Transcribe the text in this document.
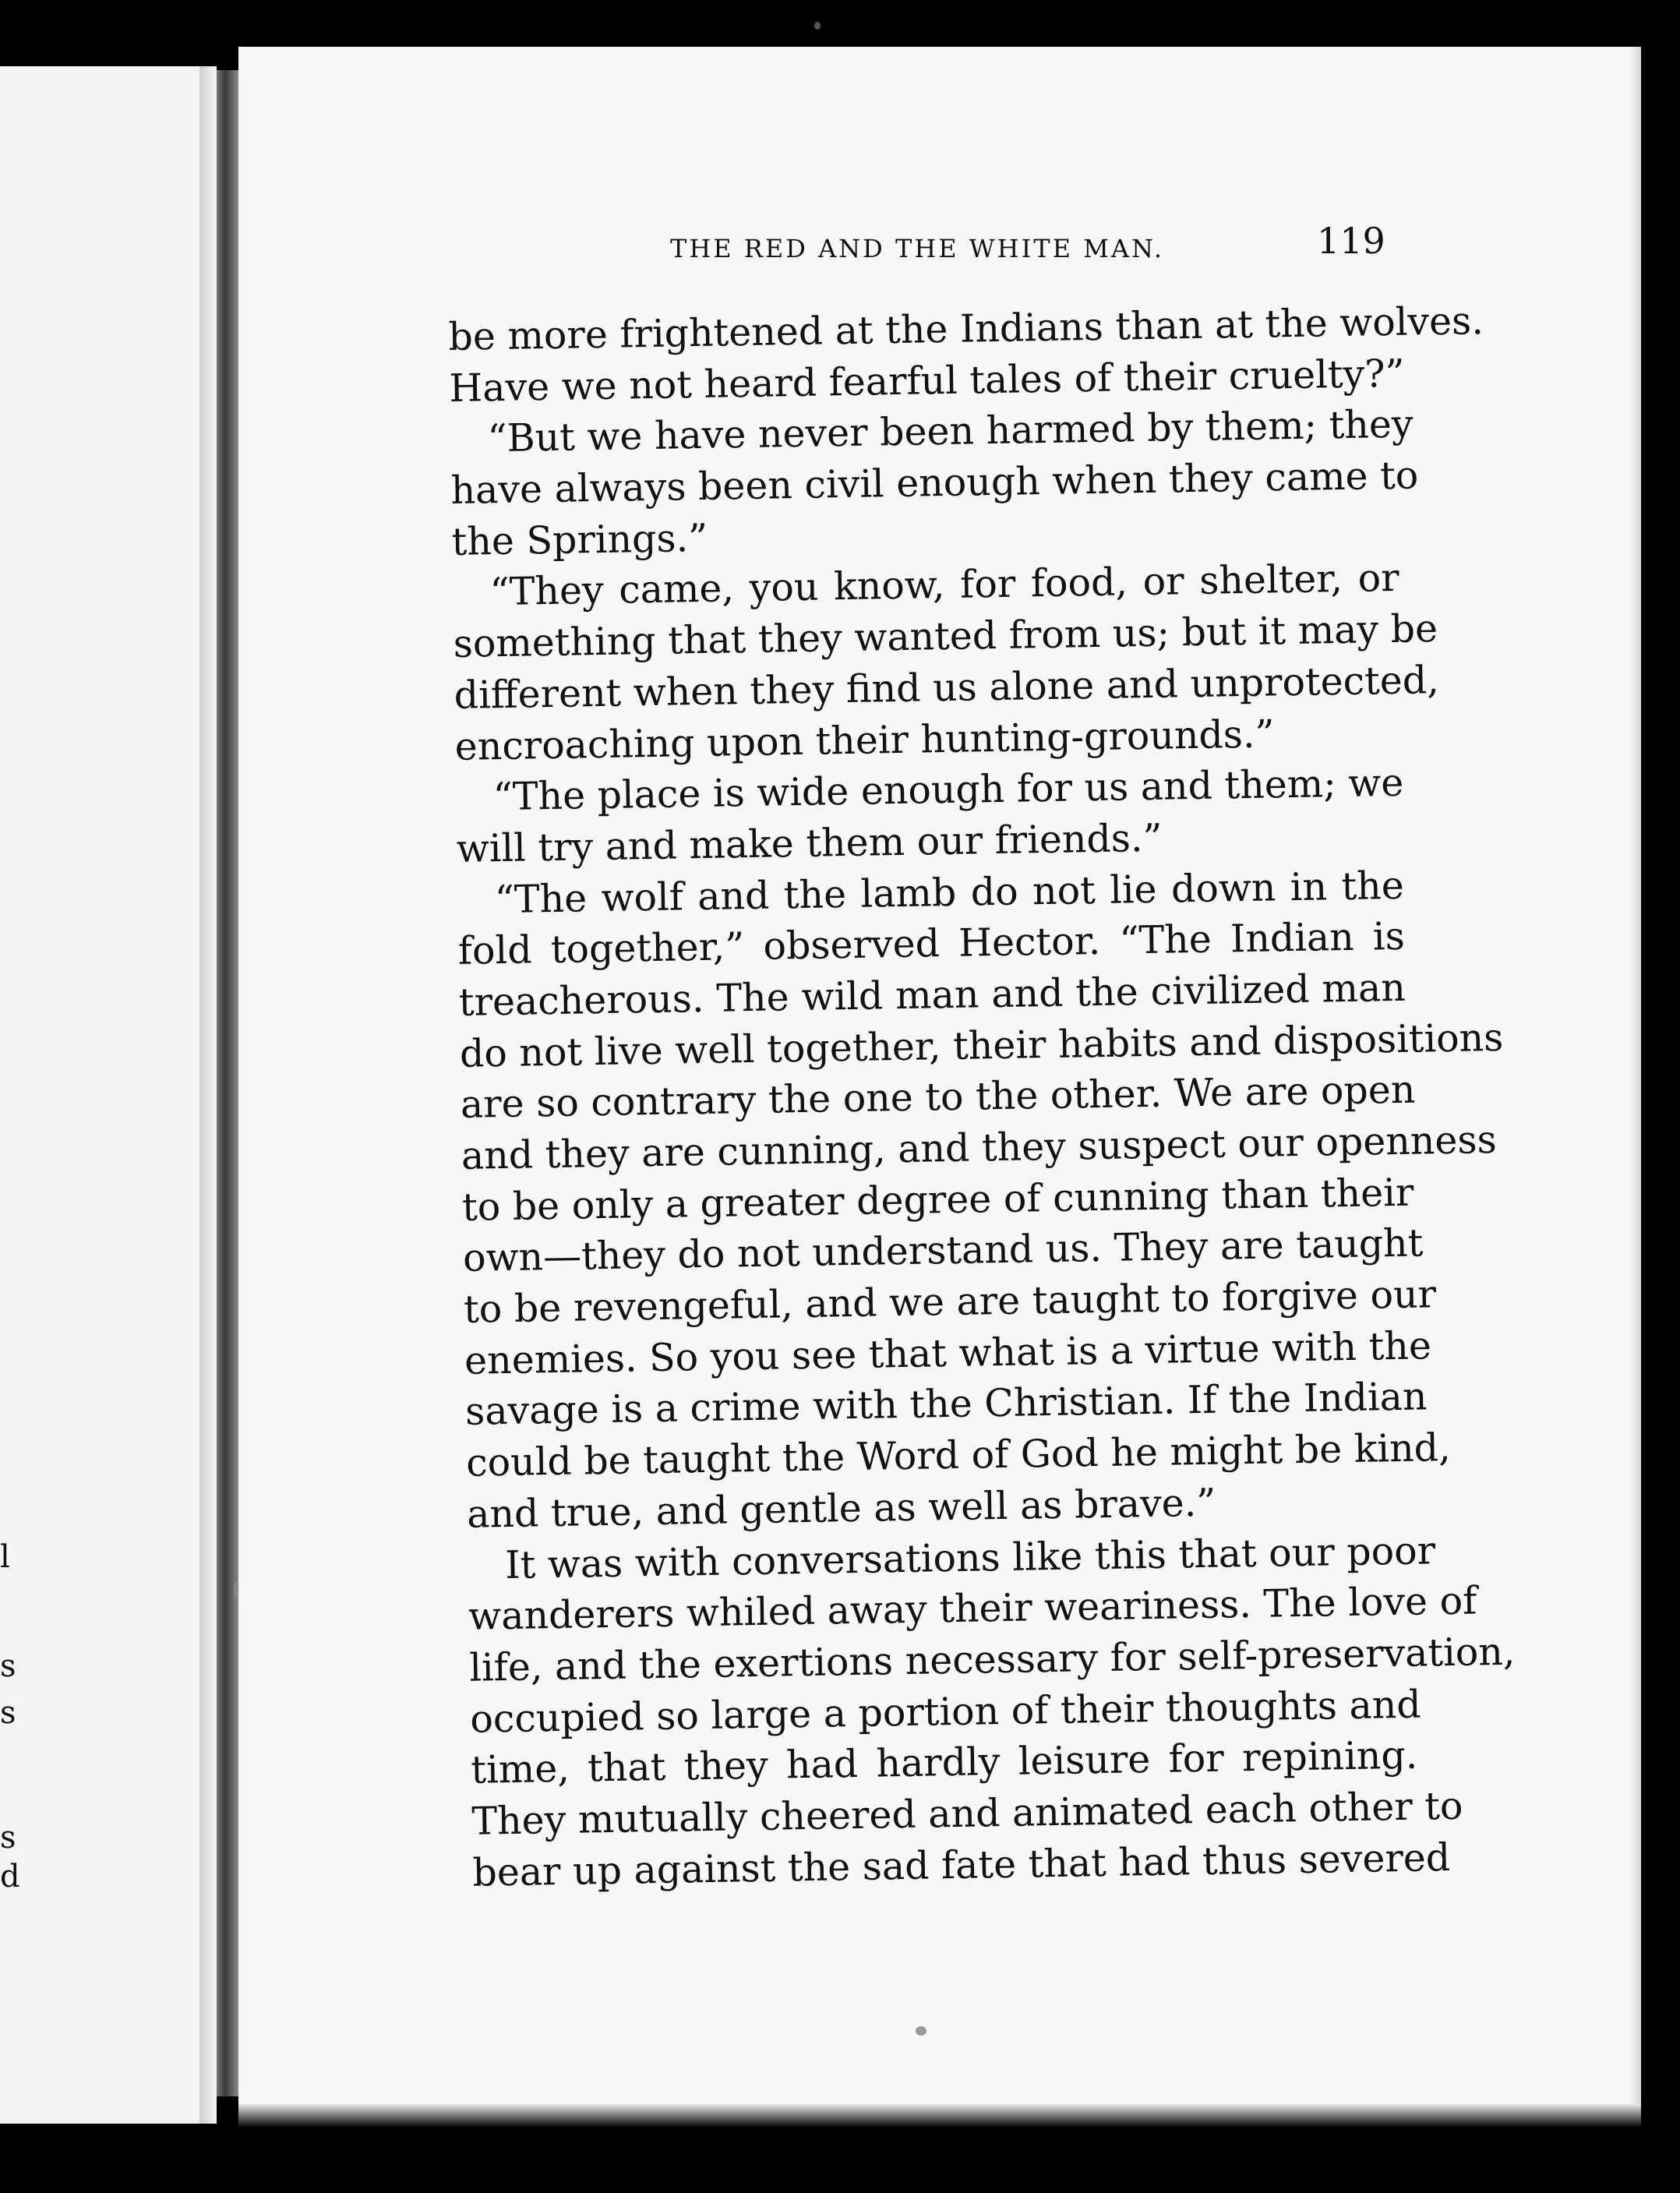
l
s
s
s
d
THE RED AND THE WHITE MAN.	119
be more frightened at the Indians than at the wolves.
Have we not heard fearful tales of their cruelty?”
“But we have never been harmed by them; they
have always been civil enough when they came to
the Springs.”
“They came, you know, for food, or shelter, or
something that they wanted from us; but it may be
different when they find us alone and unprotected,
encroaching upon their hunting-grounds.”
“The place is wide enough for us and them; we
will try and make them our friends.”
“The wolf and the lamb do not lie down in the
fold together,” observed Hector. “The Indian is
treacherous. The wild man and the civilized man
do not live well together, their habits and dispositions
are so contrary the one to the other. We are open
and they are cunning, and they suspect our openness
to be only a greater degree of cunning than their
own—they do not understand us. They are taught
to be revengeful, and we are taught to forgive our
enemies. So you see that what is a virtue with the
savage is a crime with the Christian. If the Indian
could be taught the Word of God he might be kind,
and true, and gentle as well as brave.”
It was with conversations like this that our poor
wanderers whiled away their weariness. The love of
life, and the exertions necessary for self-preservation,
occupied so large a portion of their thoughts and
time, that they had hardly leisure for repining.
They mutually cheered and animated each other to
bear up against the sad fate that had thus severed
